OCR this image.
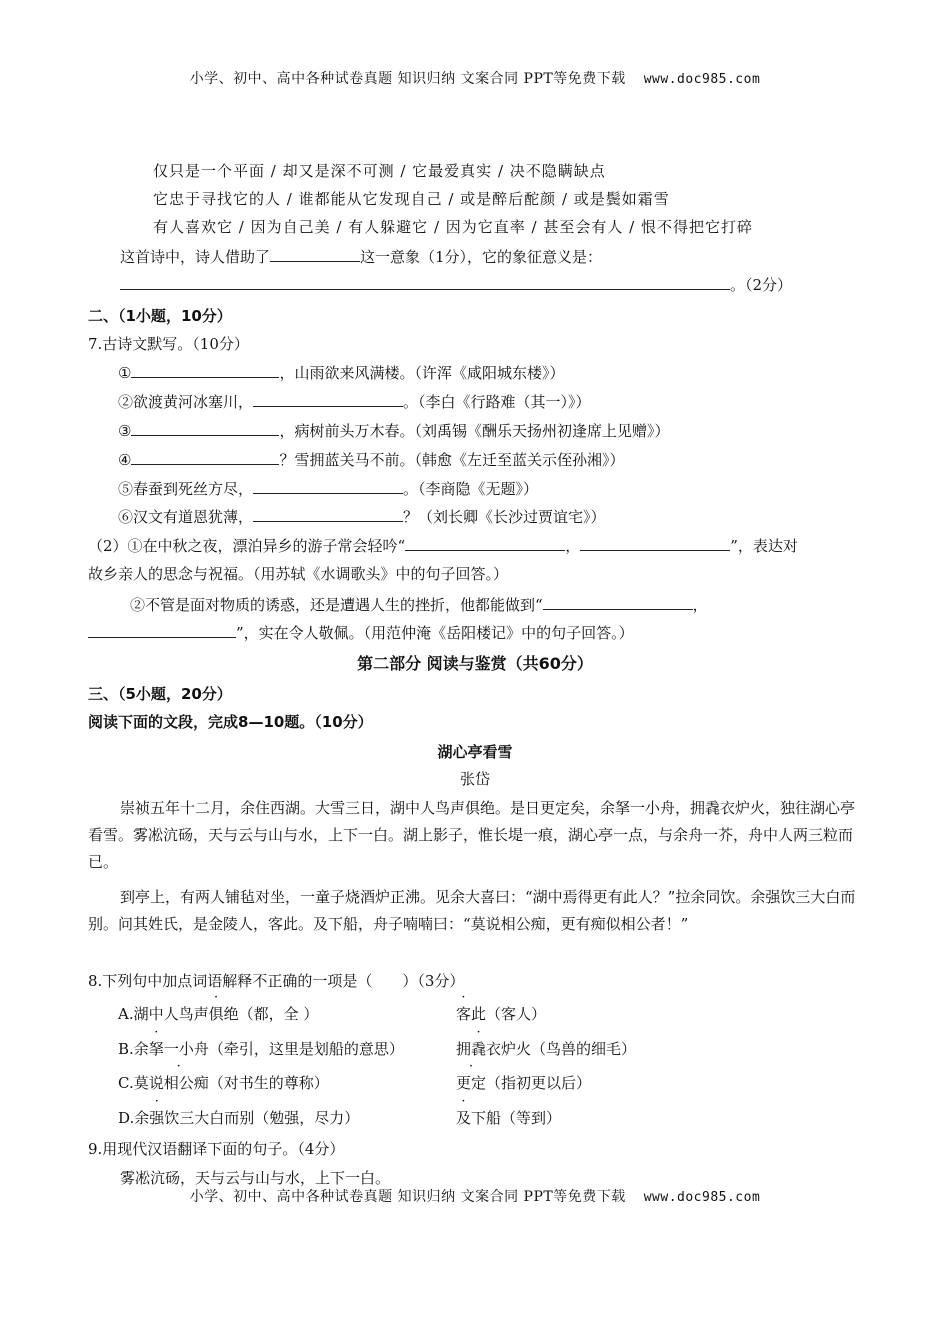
小学、初中、高中各种试卷真题 知识归纳 文案合同 PPT等免费下载 www.doc985.com
仅只是一个平面 / 却又是深不可测 / 它最爱真实 / 决不隐瞒缺点
它忠于寻找它的人 / 谁都能从它发现自己 / 或是醉后酡颜 / 或是鬓如霜雪
有人喜欢它 / 因为自己美 / 有人躲避它 / 因为它直率 / 甚至会有人 / 恨不得把它打碎
这首诗中，诗人借助了	这一意象（1分），它的象征意义是：
。（2分）
二、（1小题，10分）
7.古诗文默写。（10分）
①	，山雨欲来风满楼。（许浑《咸阳城东楼》）
②欲渡黄河冰塞川，	。（李白《行路难（其一）》）
③	，病树前头万木春。（刘禹锡《酬乐天扬州初逢席上见赠》）
④	？雪拥蓝关马不前。（韩愈《左迁至蓝关示侄孙湘》）
⑤春蚕到死丝方尽，	。（李商隐《无题》）
⑥汉文有道恩犹薄，	？（刘长卿《长沙过贾谊宅》）
（2）①在中秋之夜，漂泊异乡的游子常会轻吟“	，	”，表达对
故乡亲人的思念与祝福。（用苏轼《水调歌头》中的句子回答。）
②不管是面对物质的诱惑，还是遭遇人生的挫折，他都能做到“	，
”，实在令人敬佩。（用范仲淹《岳阳楼记》中的句子回答。）
第二部分 阅读与鉴赏（共60分）
三、（5小题，20分）
阅读下面的文段，完成8—10题。（10分）
湖心亭看雪
张岱
崇祯五年十二月，余住西湖。大雪三日，湖中人鸟声俱绝。是日更定矣，余拏一小舟，拥毳衣炉火，独往湖心亭看雪。雾凇沆砀，天与云与山与水，上下一白。湖上影子，惟长堤一痕，湖心亭一点，与余舟一芥，舟中人两三粒而已。
到亭上，有两人铺毡对坐，一童子烧酒炉正沸。见余大喜曰：“湖中焉得更有此人？”拉余同饮。余强饮三大白而别。问其姓氏，是金陵人，客此。及下船，舟子喃喃曰：“莫说相公痴，更有痴似相公者！”
8.下列句中加点词语解释不正确的一项是（　　）（3分）
A.湖中人鸟声俱绝（都，全 ）	客此（客人）
B.余拏一小舟（牵引，这里是划船的意思）	拥毳衣炉火（鸟兽的细毛）
C.莫说相公痴（对书生的尊称）	更定（指初更以后）
D.余强饮三大白而别（勉强，尽力）	及下船（等到）
9.用现代汉语翻译下面的句子。（4分）
雾凇沆砀，天与云与山与水，上下一白。
小学、初中、高中各种试卷真题 知识归纳 文案合同 PPT等免费下载 www.doc985.com
